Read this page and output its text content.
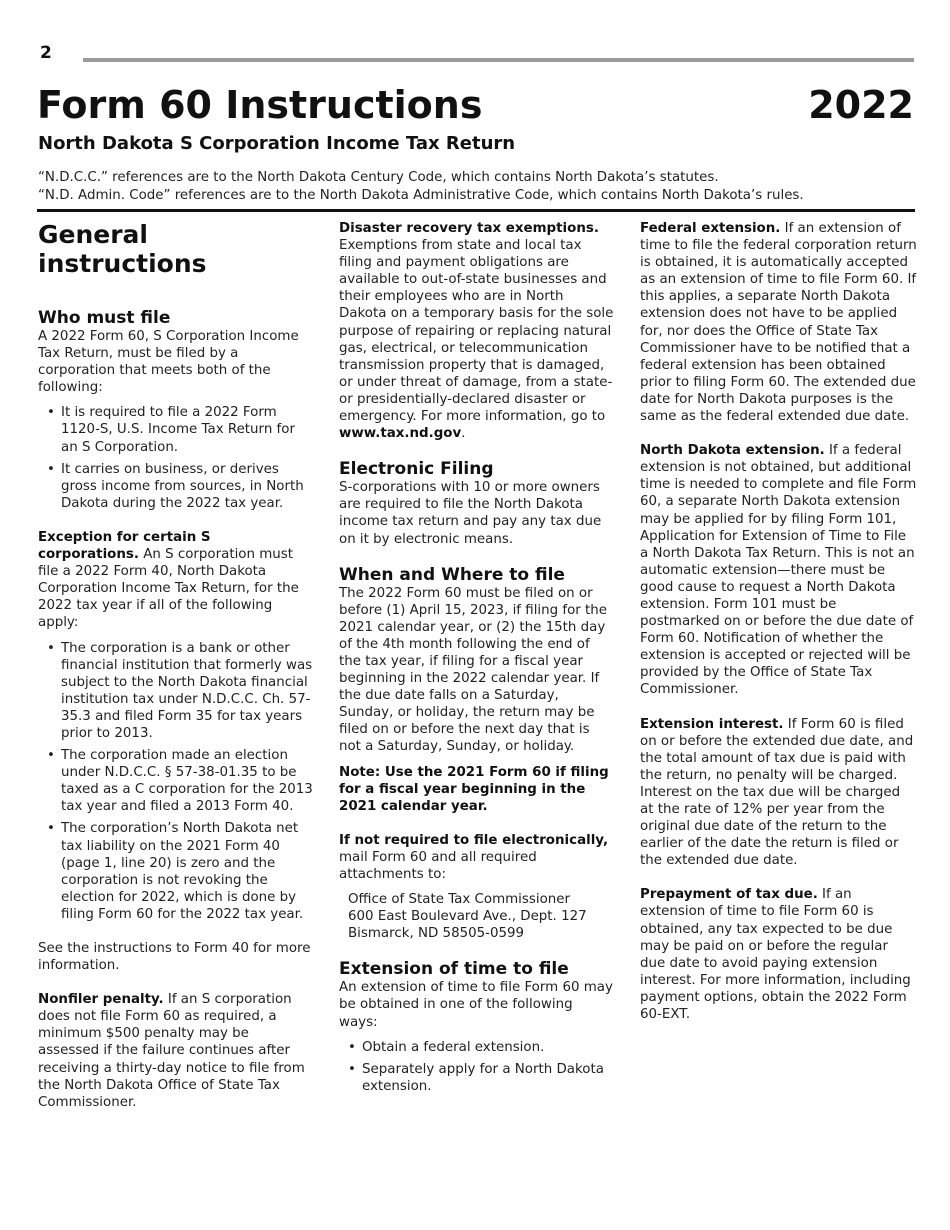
2
Form 60 Instructions	2022
North Dakota S Corporation Income Tax Return
“N.D.C.C.” references are to the North Dakota Century Code, which contains North Dakota’s statutes.
“N.D. Admin. Code” references are to the North Dakota Administrative Code, which contains North Dakota’s rules.
General instructions
Who must file

A 2022 Form 60, S Corporation Income Tax Return, must be filed by a corporation that meets both of the following:

• It is required to file a 2022 Form 1120-S, U.S. Income Tax Return for an S Corporation.
• It carries on business, or derives gross income from sources, in North Dakota during the 2022 tax year.

Exception for certain S corporations. An S corporation must file a 2022 Form 40, North Dakota Corporation Income Tax Return, for the 2022 tax year if all of the following apply:

• The corporation is a bank or other financial institution that formerly was subject to the North Dakota financial institution tax under N.D.C.C. Ch. 57-35.3 and filed Form 35 for tax years prior to 2013.
• The corporation made an election under N.D.C.C. § 57-38-01.35 to be taxed as a C corporation for the 2013 tax year and filed a 2013 Form 40.
• The corporation’s North Dakota net tax liability on the 2021 Form 40 (page 1, line 20) is zero and the corporation is not revoking the election for 2022, which is done by filing Form 60 for the 2022 tax year.

See the instructions to Form 40 for more information.

Nonfiler penalty. If an S corporation does not file Form 60 as required, a minimum $500 penalty may be assessed if the failure continues after receiving a thirty-day notice to file from the North Dakota Office of State Tax Commissioner.

Disaster recovery tax exemptions. Exemptions from state and local tax filing and payment obligations are available to out-of-state businesses and their employees who are in North Dakota on a temporary basis for the sole purpose of repairing or replacing natural gas, electrical, or telecommunication transmission property that is damaged, or under threat of damage, from a state- or presidentially-declared disaster or emergency. For more information, go to www.tax.nd.gov.

Electronic Filing

S-corporations with 10 or more owners are required to file the North Dakota income tax return and pay any tax due on it by electronic means.

When and Where to file

The 2022 Form 60 must be filed on or before (1) April 15, 2023, if filing for the 2021 calendar year, or (2) the 15th day of the 4th month following the end of the tax year, if filing for a fiscal year beginning in the 2022 calendar year. If the due date falls on a Saturday, Sunday, or holiday, the return may be filed on or before the next day that is not a Saturday, Sunday, or holiday.

Note: Use the 2021 Form 60 if filing for a fiscal year beginning in the 2021 calendar year.

If not required to file electronically, mail Form 60 and all required attachments to:

Office of State Tax Commissioner
600 East Boulevard Ave., Dept. 127
Bismarck, ND 58505-0599
Extension of time to file

An extension of time to file Form 60 may be obtained in one of the following ways:

• Obtain a federal extension.
• Separately apply for a North Dakota extension.

Federal extension. If an extension of time to file the federal corporation return is obtained, it is automatically accepted as an extension of time to file Form 60. If this applies, a separate North Dakota extension does not have to be applied for, nor does the Office of State Tax Commissioner have to be notified that a federal extension has been obtained prior to filing Form 60. The extended due date for North Dakota purposes is the same as the federal extended due date.

North Dakota extension. If a federal extension is not obtained, but additional time is needed to complete and file Form 60, a separate North Dakota extension may be applied for by filing Form 101, Application for Extension of Time to File a North Dakota Tax Return. This is not an automatic extension—there must be good cause to request a North Dakota extension. Form 101 must be postmarked on or before the due date of Form 60. Notification of whether the extension is accepted or rejected will be provided by the Office of State Tax Commissioner.

Extension interest. If Form 60 is filed on or before the extended due date, and the total amount of tax due is paid with the return, no penalty will be charged. Interest on the tax due will be charged at the rate of 12% per year from the original due date of the return to the earlier of the date the return is filed or the extended due date.

Prepayment of tax due. If an extension of time to file Form 60 is obtained, any tax expected to be due may be paid on or before the regular due date to avoid paying extension interest. For more information, including payment options, obtain the 2022 Form 60-EXT.
